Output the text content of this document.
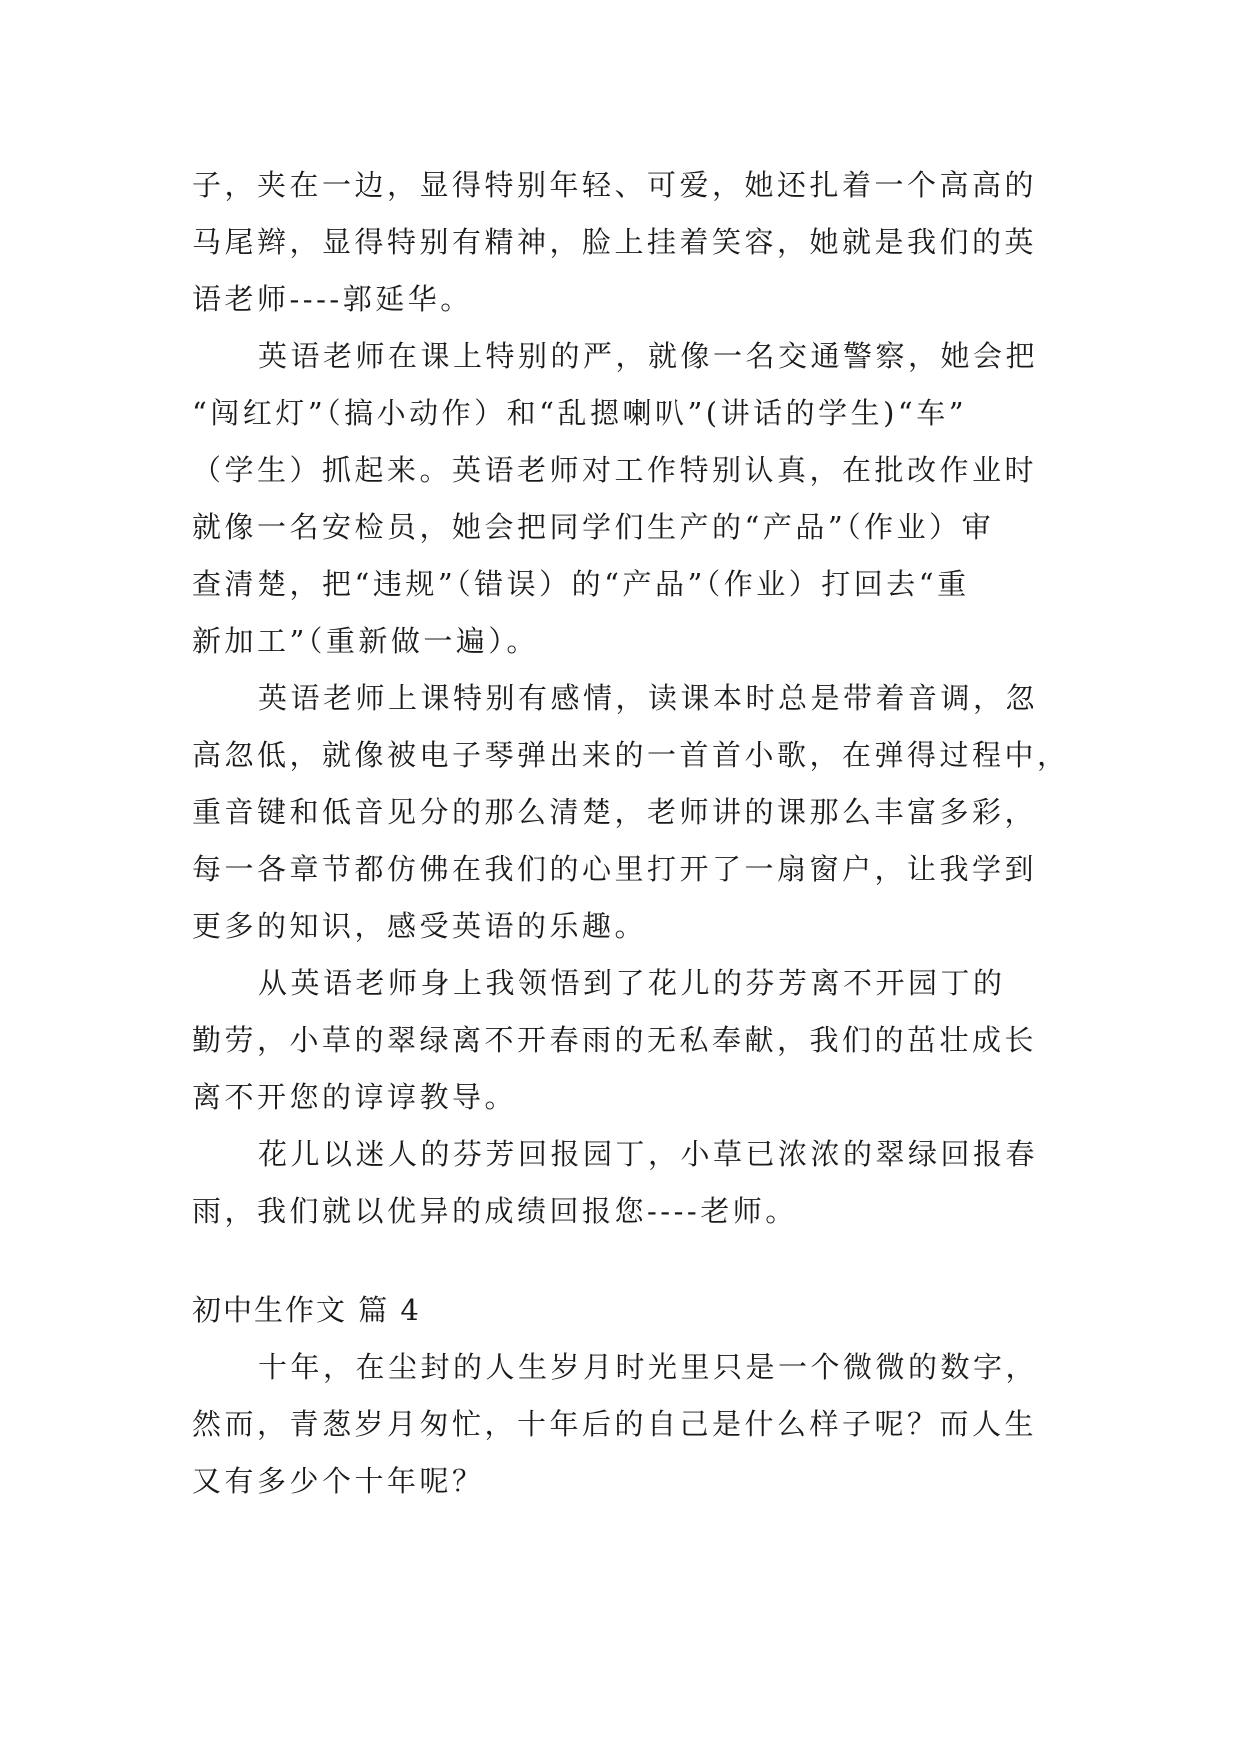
子，夹在一边，显得特别年轻、可爱，她还扎着一个高高的
马尾辫，显得特别有精神，脸上挂着笑容，她就是我们的英
语老师----郭延华。
英语老师在课上特别的严，就像一名交通警察，她会把
“闯红灯”（搞小动作）和“乱摁喇叭”(讲话的学生)“车”
（学生）抓起来。英语老师对工作特别认真，在批改作业时
就像一名安检员，她会把同学们生产的“产品”（作业）审
查清楚，把“违规”（错误）的“产品”（作业）打回去“重
新加工”（重新做一遍）。
英语老师上课特别有感情，读课本时总是带着音调，忽
高忽低，就像被电子琴弹出来的一首首小歌，在弹得过程中，
重音键和低音见分的那么清楚，老师讲的课那么丰富多彩，
每一各章节都仿佛在我们的心里打开了一扇窗户，让我学到
更多的知识，感受英语的乐趣。
从英语老师身上我领悟到了花儿的芬芳离不开园丁的
勤劳，小草的翠绿离不开春雨的无私奉献，我们的茁壮成长
离不开您的谆谆教导。
花儿以迷人的芬芳回报园丁，小草已浓浓的翠绿回报春
雨，我们就以优异的成绩回报您----老师。
初中生作文 篇 4
十年，在尘封的人生岁月时光里只是一个微微的数字，
然而，青葱岁月匆忙，十年后的自己是什么样子呢？而人生
又有多少个十年呢？
